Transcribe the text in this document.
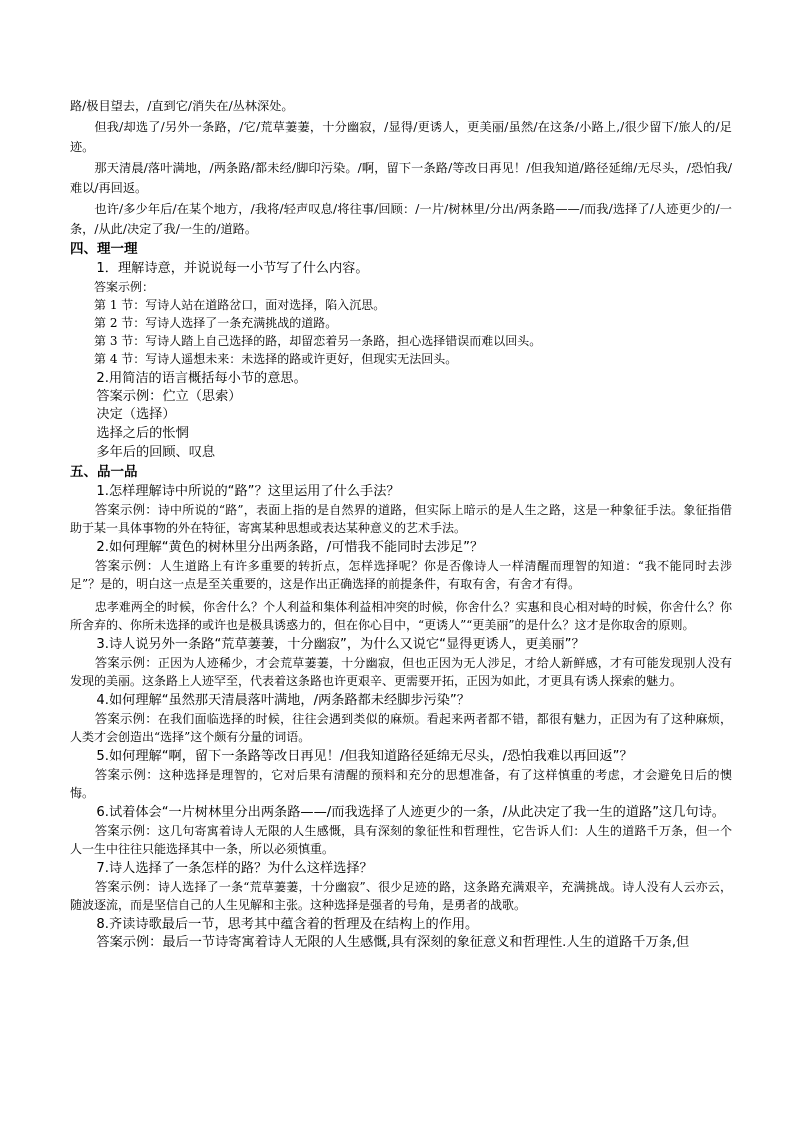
路/极目望去，/直到它/消失在/丛林深处。
但我/却选了/另外一条路，/它/荒草萋萋，十分幽寂，/显得/更诱人，更美丽/虽然/在这条/小路上,/很少留下/旅人的/足迹。
那天清晨/落叶满地，/两条路/都未经/脚印污染。/啊，留下一条路/等改日再见！/但我知道/路径延绵/无尽头，/恐怕我/难以/再回返。
也许/多少年后/在某个地方，/我将/轻声叹息/将往事/回顾：/一片/树林里/分出/两条路——/而我/选择了/人迹更少的/一条，/从此/决定了我/一生的/道路。
四、理一理
1．理解诗意，并说说每一小节写了什么内容。
答案示例：
第 1 节：写诗人站在道路岔口，面对选择，陷入沉思。
第 2 节：写诗人选择了一条充满挑战的道路。
第 3 节：写诗人踏上自己选择的路，却留恋着另一条路，担心选择错误而难以回头。
第 4 节：写诗人遥想未来：未选择的路或许更好，但现实无法回头。
2.用简洁的语言概括每小节的意思。
答案示例：伫立（思索）
决定（选择）
选择之后的怅惘
多年后的回顾、叹息
五、品一品
1.怎样理解诗中所说的“路”？这里运用了什么手法？
答案示例：诗中所说的“路”，表面上指的是自然界的道路，但实际上暗示的是人生之路，这是一种象征手法。象征指借助于某一具体事物的外在特征，寄寓某种思想或表达某种意义的艺术手法。
2.如何理解“黄色的树林里分出两条路，/可惜我不能同时去涉足”？
答案示例：人生道路上有许多重要的转折点，怎样选择呢？你是否像诗人一样清醒而理智的知道：“我不能同时去涉足”？是的，明白这一点是至关重要的，这是作出正确选择的前提条件，有取有舍，有舍才有得。
忠孝难两全的时候，你舍什么？个人利益和集体利益相冲突的时候，你舍什么？实惠和良心相对峙的时候，你舍什么？你所舍弃的、你所未选择的或许也是极具诱惑力的，但在你心目中，“更诱人”“更美丽”的是什么？这才是你取舍的原则。
3.诗人说另外一条路“荒草萋萋，十分幽寂”，为什么又说它“显得更诱人，更美丽”？
答案示例：正因为人迹稀少，才会荒草萋萋，十分幽寂，但也正因为无人涉足，才给人新鲜感，才有可能发现别人没有发现的美丽。这条路上人迹罕至，代表着这条路也许更艰辛、更需要开拓，正因为如此，才更具有诱人探索的魅力。
4.如何理解“虽然那天清晨落叶满地，/两条路都未经脚步污染”？
答案示例：在我们面临选择的时候，往往会遇到类似的麻烦。看起来两者都不错，都很有魅力，正因为有了这种麻烦，人类才会创造出“选择”这个颇有分量的词语。
5.如何理解“啊，留下一条路等改日再见！/但我知道路径延绵无尽头，/恐怕我难以再回返”？
答案示例：这种选择是理智的，它对后果有清醒的预料和充分的思想准备，有了这样慎重的考虑，才会避免日后的懊悔。
6.试着体会“一片树林里分出两条路——/而我选择了人迹更少的一条，/从此决定了我一生的道路”这几句诗。
答案示例：这几句寄寓着诗人无限的人生感慨，具有深刻的象征性和哲理性，它告诉人们：人生的道路千万条，但一个人一生中往往只能选择其中一条，所以必须慎重。
7.诗人选择了一条怎样的路？为什么这样选择？
答案示例：诗人选择了一条“荒草萋萋，十分幽寂”、很少足迹的路，这条路充满艰辛，充满挑战。诗人没有人云亦云，随波逐流，而是坚信自己的人生见解和主张。这种选择是强者的号角，是勇者的战歌。
8.齐读诗歌最后一节，思考其中蕴含着的哲理及在结构上的作用。
答案示例：最后一节诗寄寓着诗人无限的人生感慨,具有深刻的象征意义和哲理性.人生的道路千万条,但
